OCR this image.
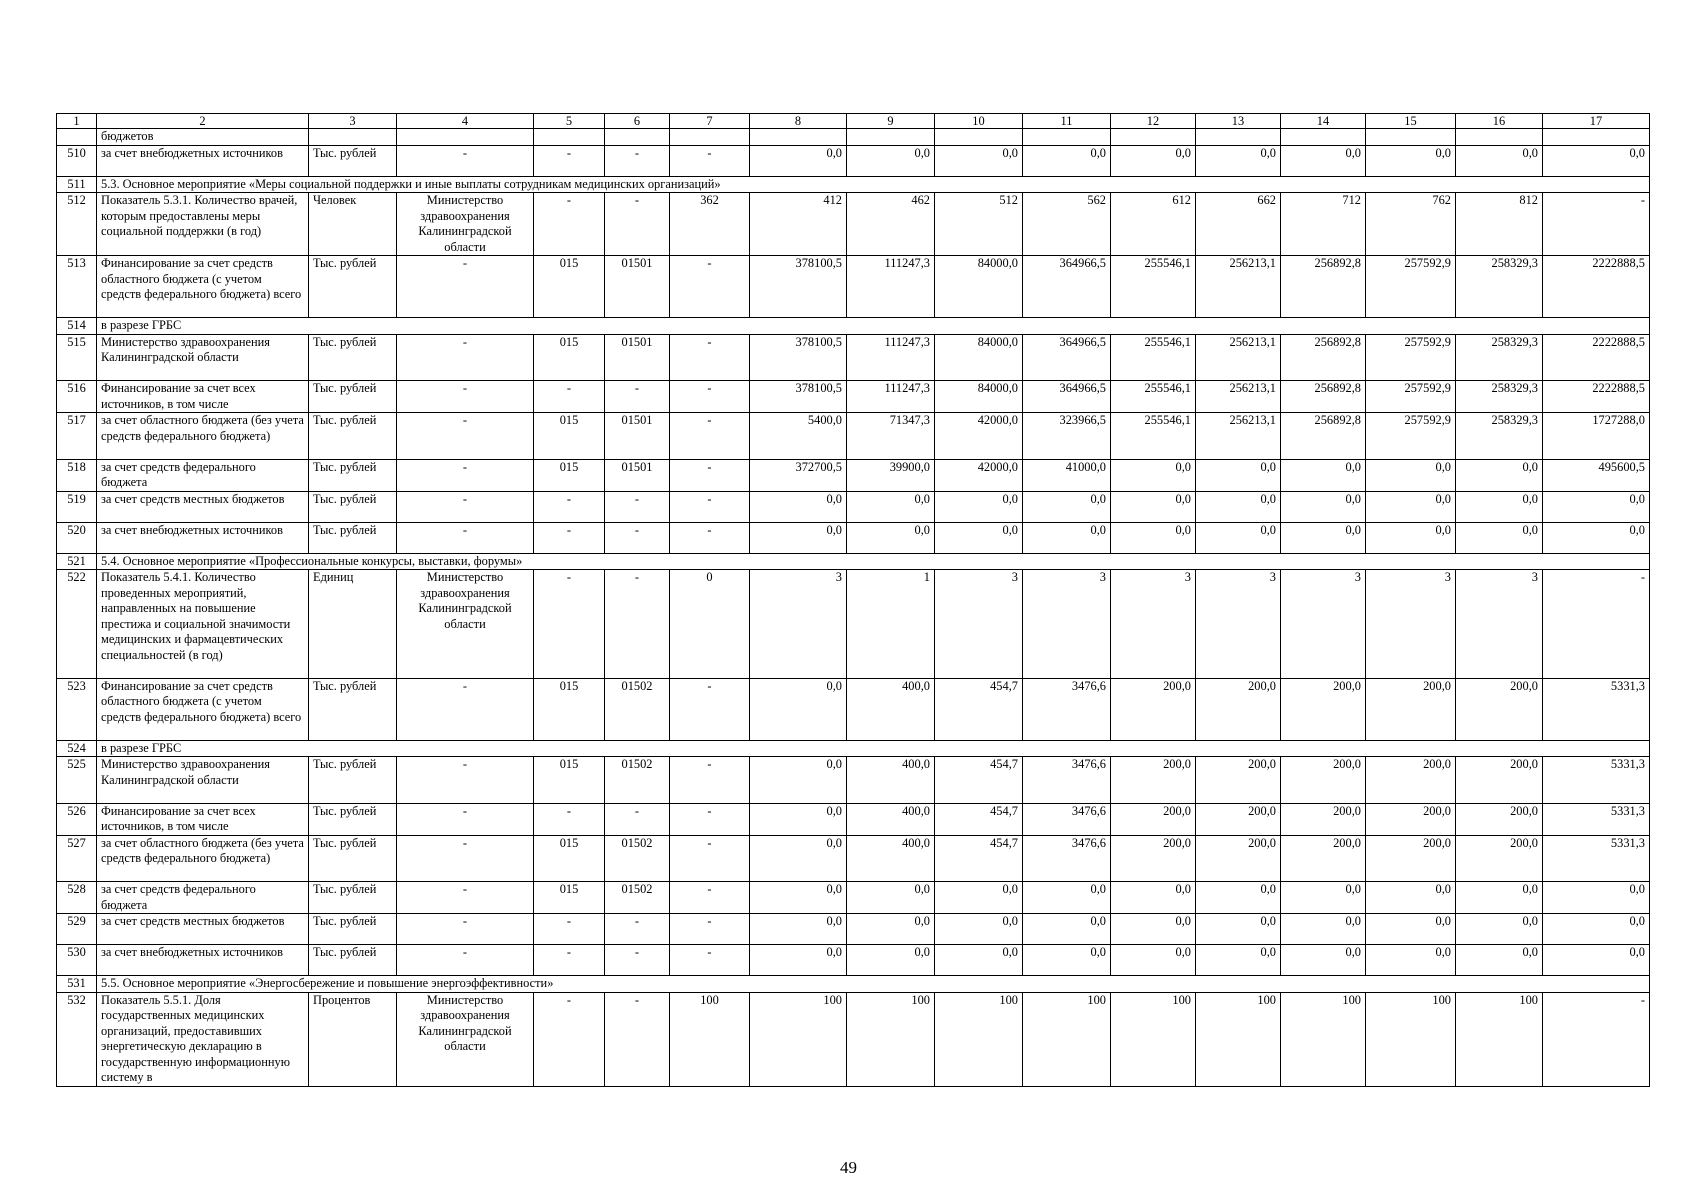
1	2	3	4	5	6	7	8	9	10	11	12	13	14	15	16	17
	бюджетов															
510	за счет внебюджетных источников	Тыс. рублей	-	-	-	-	0,0	0,0	0,0	0,0	0,0	0,0	0,0	0,0	0,0	0,0
511	5.3. Основное мероприятие «Меры социальной поддержки и иные выплаты сотрудникам медицинских организаций»															
512	Показатель 5.3.1. Количество врачей, которым предоставлены меры социальной поддержки (в год)	Человек	Министерство здравоохранения Калининградской области	-	-	362	412	462	512	562	612	662	712	762	812	-
513	Финансирование за счет средств областного бюджета (с учетом средств федерального бюджета) всего	Тыс. рублей	-	015	01501	-	378100,5	111247,3	84000,0	364966,5	255546,1	256213,1	256892,8	257592,9	258329,3	2222888,5
514	в разрезе ГРБС															
515	Министерство здравоохранения Калининградской области	Тыс. рублей	-	015	01501	-	378100,5	111247,3	84000,0	364966,5	255546,1	256213,1	256892,8	257592,9	258329,3	2222888,5
516	Финансирование за счет всех источников, в том числе	Тыс. рублей	-	-	-	-	378100,5	111247,3	84000,0	364966,5	255546,1	256213,1	256892,8	257592,9	258329,3	2222888,5
517	за счет областного бюджета (без учета средств федерального бюджета)	Тыс. рублей	-	015	01501	-	5400,0	71347,3	42000,0	323966,5	255546,1	256213,1	256892,8	257592,9	258329,3	1727288,0
518	за счет средств федерального бюджета	Тыс. рублей	-	015	01501	-	372700,5	39900,0	42000,0	41000,0	0,0	0,0	0,0	0,0	0,0	495600,5
519	за счет средств местных бюджетов	Тыс. рублей	-	-	-	-	0,0	0,0	0,0	0,0	0,0	0,0	0,0	0,0	0,0	0,0
520	за счет внебюджетных источников	Тыс. рублей	-	-	-	-	0,0	0,0	0,0	0,0	0,0	0,0	0,0	0,0	0,0	0,0
521	5.4. Основное мероприятие «Профессиональные конкурсы, выставки, форумы»															
522	Показатель 5.4.1. Количество проведенных мероприятий, направленных на повышение престижа и социальной значимости медицинских и фармацевтических специальностей (в год)	Единиц	Министерство здравоохранения Калининградской области	-	-	0	3	1	3	3	3	3	3	3	3	-
523	Финансирование за счет средств областного бюджета (с учетом средств федерального бюджета) всего	Тыс. рублей	-	015	01502	-	0,0	400,0	454,7	3476,6	200,0	200,0	200,0	200,0	200,0	5331,3
524	в разрезе ГРБС															
525	Министерство здравоохранения Калининградской области	Тыс. рублей	-	015	01502	-	0,0	400,0	454,7	3476,6	200,0	200,0	200,0	200,0	200,0	5331,3
526	Финансирование за счет всех источников, в том числе	Тыс. рублей	-	-	-	-	0,0	400,0	454,7	3476,6	200,0	200,0	200,0	200,0	200,0	5331,3
527	за счет областного бюджета (без учета средств федерального бюджета)	Тыс. рублей	-	015	01502	-	0,0	400,0	454,7	3476,6	200,0	200,0	200,0	200,0	200,0	5331,3
528	за счет средств федерального бюджета	Тыс. рублей	-	015	01502	-	0,0	0,0	0,0	0,0	0,0	0,0	0,0	0,0	0,0	0,0
529	за счет средств местных бюджетов	Тыс. рублей	-	-	-	-	0,0	0,0	0,0	0,0	0,0	0,0	0,0	0,0	0,0	0,0
530	за счет внебюджетных источников	Тыс. рублей	-	-	-	-	0,0	0,0	0,0	0,0	0,0	0,0	0,0	0,0	0,0	0,0
531	5.5. Основное мероприятие «Энергосбережение и повышение энергоэффективности»															
532	Показатель 5.5.1. Доля государственных медицинских организаций, предоставивших энергетическую декларацию в государственную информационную систему в	Процентов	Министерство здравоохранения Калининградской области	-	-	100	100	100	100	100	100	100	100	100	100	-
49
